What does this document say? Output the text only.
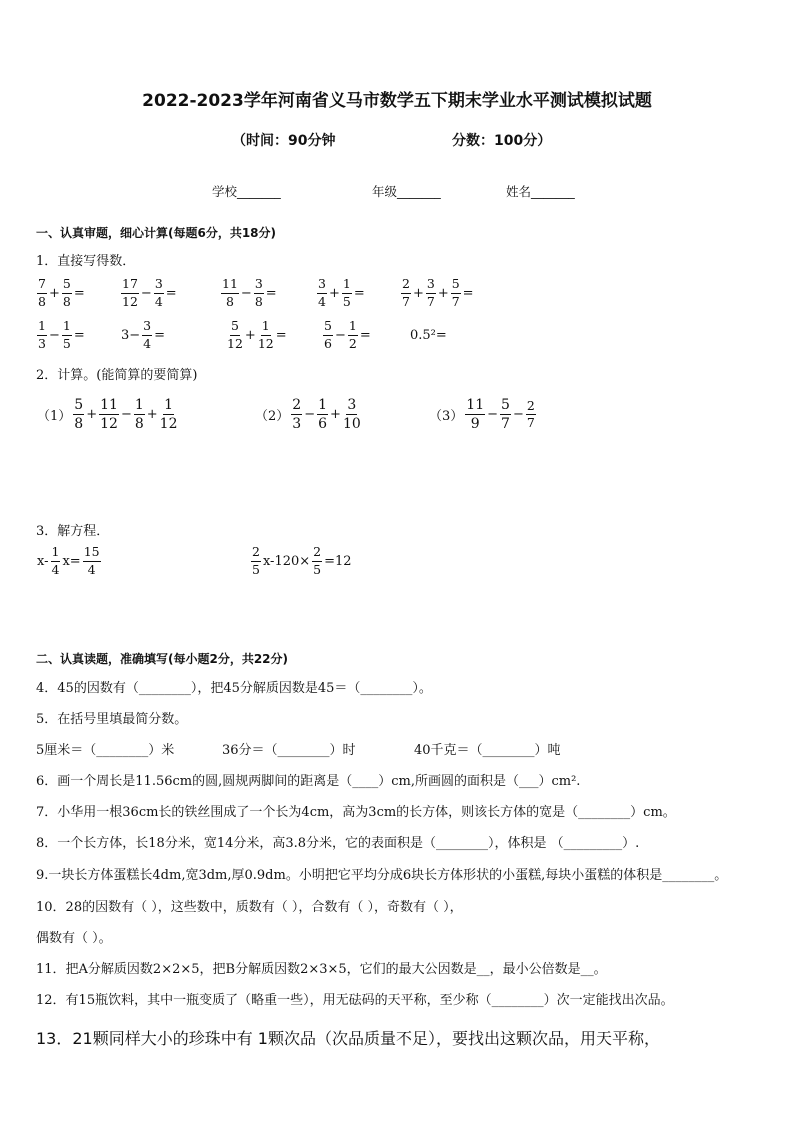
2022-2023学年河南省义马市数学五下期末学业水平测试模拟试题
（时间：90分钟	分数：100分）
学校_______	年级_______	姓名_______
一、认真审题，细心计算(每题6分，共18分)
1．直接写得数．
$\frac{7}{8} + \frac{5}{8}$ =	$\frac{17}{12} - \frac{3}{4}$ =	$\frac{11}{8} - \frac{3}{8}$ =	$\frac{3}{4} + \frac{1}{5}$ =	$\frac{2}{7} + \frac{3}{7} + \frac{5}{7}$ =
$\frac{1}{3} - \frac{1}{5}$ =	$3- \frac{3}{4}$ =	$\frac{5}{12} + \frac{1}{12}$ =	$\frac{5}{6} - \frac{1}{2}$ =	0.5²=
2．计算。(能简算的要简算)
$(1) \frac{5}{8} + \frac{11}{12} - \frac{1}{8} + \frac{1}{12}$	$(2) \frac{2}{3} - \frac{1}{6} + \frac{3}{10}$	$(3) \frac{11}{9} - \frac{5}{7} - \frac{2}{7}$
3．解方程．
$x- \frac{1}{4} x= \frac{15}{4}$	$\frac{2}{5} x-120\times \frac{2}{5} =12$
二、认真读题，准确填写(每小题2分，共22分)
4．45的因数有（________），把45分解质因数是45＝（________）。
5．在括号里填最简分数。
5厘米＝（________）米	36分＝（________）时	40千克＝（________）吨
6．画一个周长是11.56cm的圆,圆规两脚间的距离是（____）cm,所画圆的面积是（___）cm².
7．小华用一根36cm长的铁丝围成了一个长为4cm，高为3cm的长方体，则该长方体的宽是（________）cm。
8．一个长方体，长18分米，宽14分米，高3.8分米，它的表面积是（________），体积是 （_________）.
9.一块长方体蛋糕长4dm,宽3dm,厚0.9dm。小明把它平均分成6块长方体形状的小蛋糕,每块小蛋糕的体积是________。
10．28的因数有（ ），这些数中，质数有（ ），合数有（ ），奇数有（ ），
偶数有（ ）。
11．把A分解质因数2×2×5，把B分解质因数2×3×5，它们的最大公因数是__，最小公倍数是__。
12．有15瓶饮料，其中一瓶变质了（略重一些），用无砝码的天平称，至少称（________）次一定能找出次品。
13．21颗同样大小的珍珠中有 1颗次品（次品质量不足），要找出这颗次品，用天平称，
